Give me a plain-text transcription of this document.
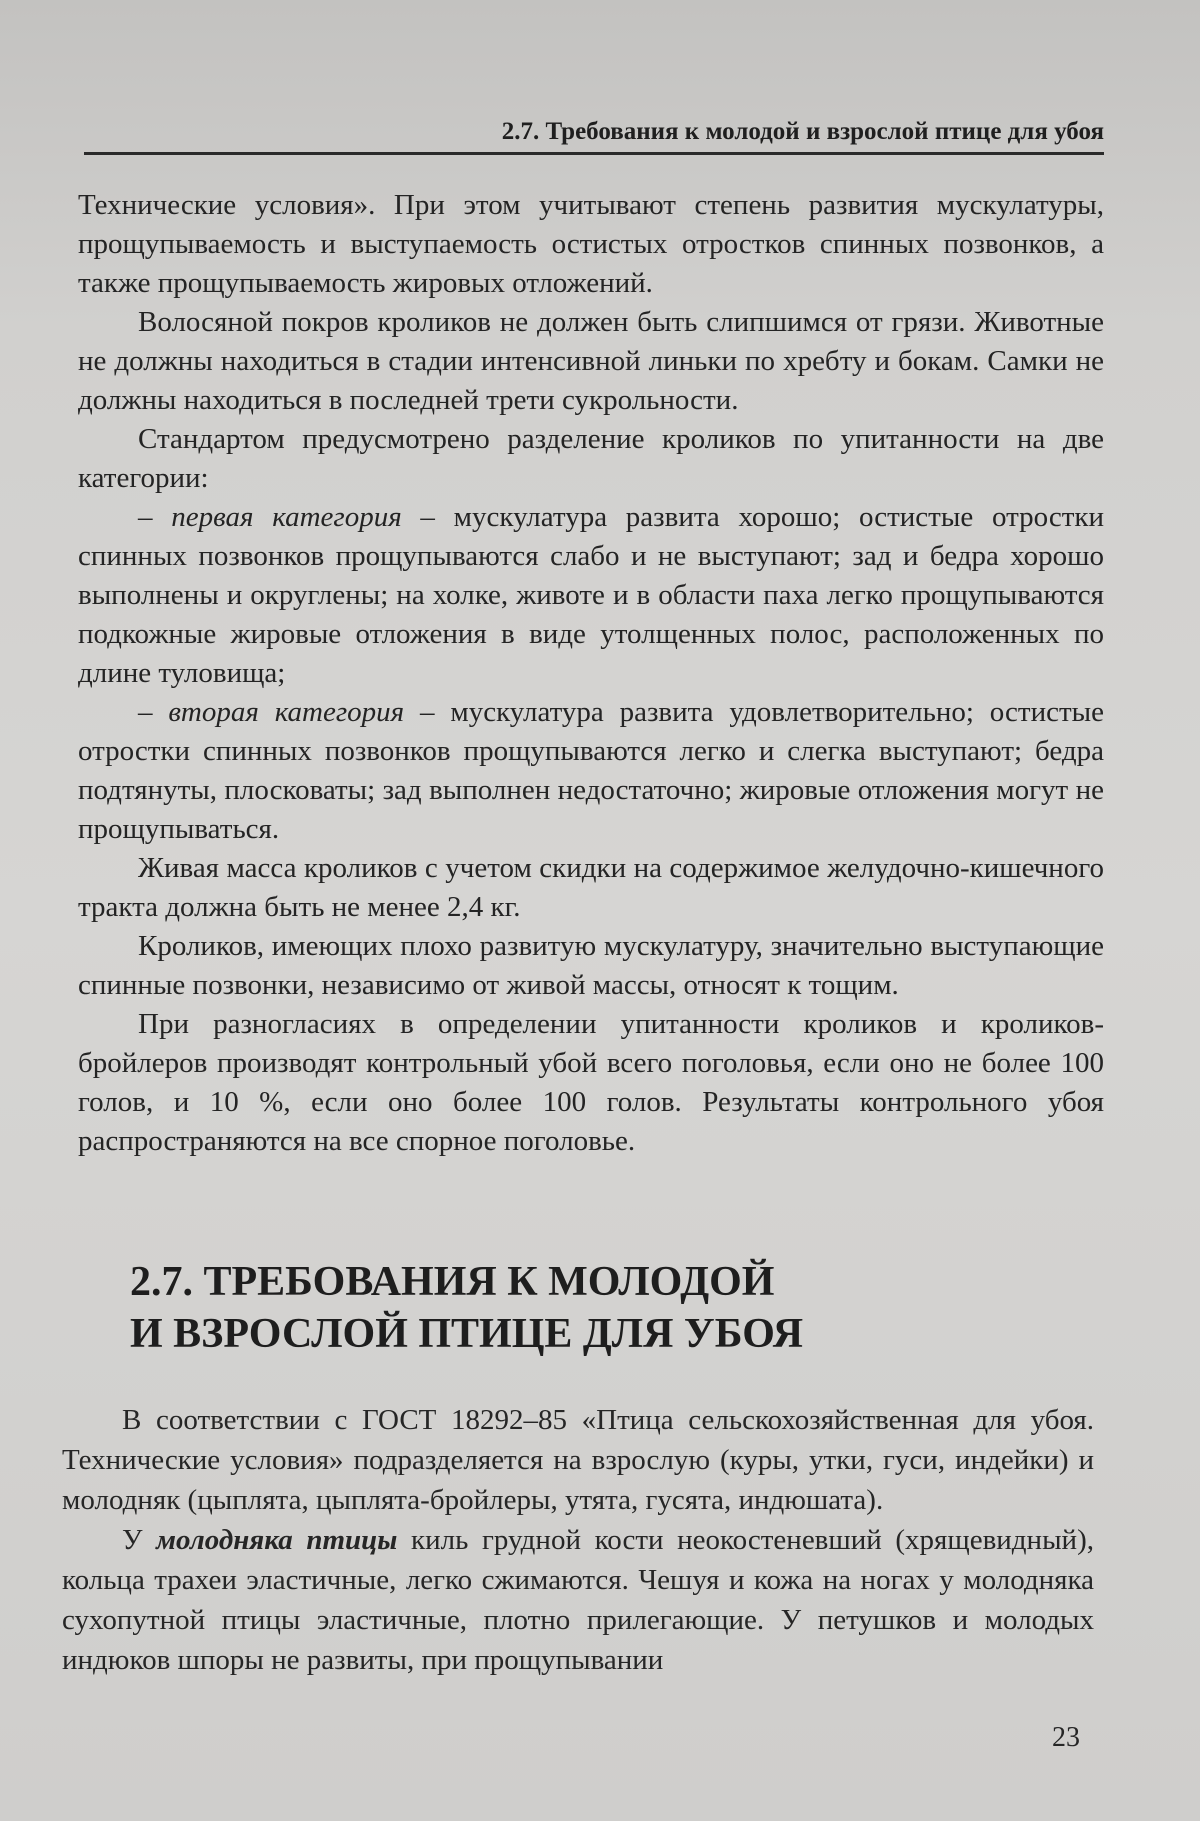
2.7. Требования к молодой и взрослой птице для убоя

Технические условия». При этом учитывают степень развития мускулатуры, прощупываемость и выступаемость остистых отростков спинных позвонков, а также прощупываемость жировых отложений.

Волосяной покров кроликов не должен быть слипшимся от грязи. Животные не должны находиться в стадии интенсивной линьки по хребту и бокам. Самки не должны находиться в последней трети сукрольности.

Стандартом предусмотрено разделение кроликов по упитанности на две категории:

– первая категория – мускулатура развита хорошо; остистые отростки спинных позвонков прощупываются слабо и не выступают; зад и бедра хорошо выполнены и округлены; на холке, животе и в области паха легко прощупываются подкожные жировые отложения в виде утолщенных полос, расположенных по длине туловища;

– вторая категория – мускулатура развита удовлетворительно; остистые отростки спинных позвонков прощупываются легко и слегка выступают; бедра подтянуты, плосковаты; зад выполнен недостаточно; жировые отложения могут не прощупываться.

Живая масса кроликов с учетом скидки на содержимое желудочно-кишечного тракта должна быть не менее 2,4 кг.

Кроликов, имеющих плохо развитую мускулатуру, значительно выступающие спинные позвонки, независимо от живой массы, относят к тощим.

При разногласиях в определении упитанности кроликов и кроликов-бройлеров производят контрольный убой всего поголовья, если оно не более 100 голов, и 10 %, если оно более 100 голов. Результаты контрольного убоя распространяются на все спорное поголовье.

2.7. ТРЕБОВАНИЯ К МОЛОДОЙ
И ВЗРОСЛОЙ ПТИЦЕ ДЛЯ УБОЯ

В соответствии с ГОСТ 18292–85 «Птица сельскохозяйственная для убоя. Технические условия» подразделяется на взрослую (куры, утки, гуси, индейки) и молодняк (цыплята, цыплята-бройлеры, утята, гусята, индюшата).

У молодняка птицы киль грудной кости неокостеневший (хрящевидный), кольца трахеи эластичные, легко сжимаются. Чешуя и кожа на ногах у молодняка сухопутной птицы эластичные, плотно прилегающие. У петушков и молодых индюков шпоры не развиты, при прощупывании

23
